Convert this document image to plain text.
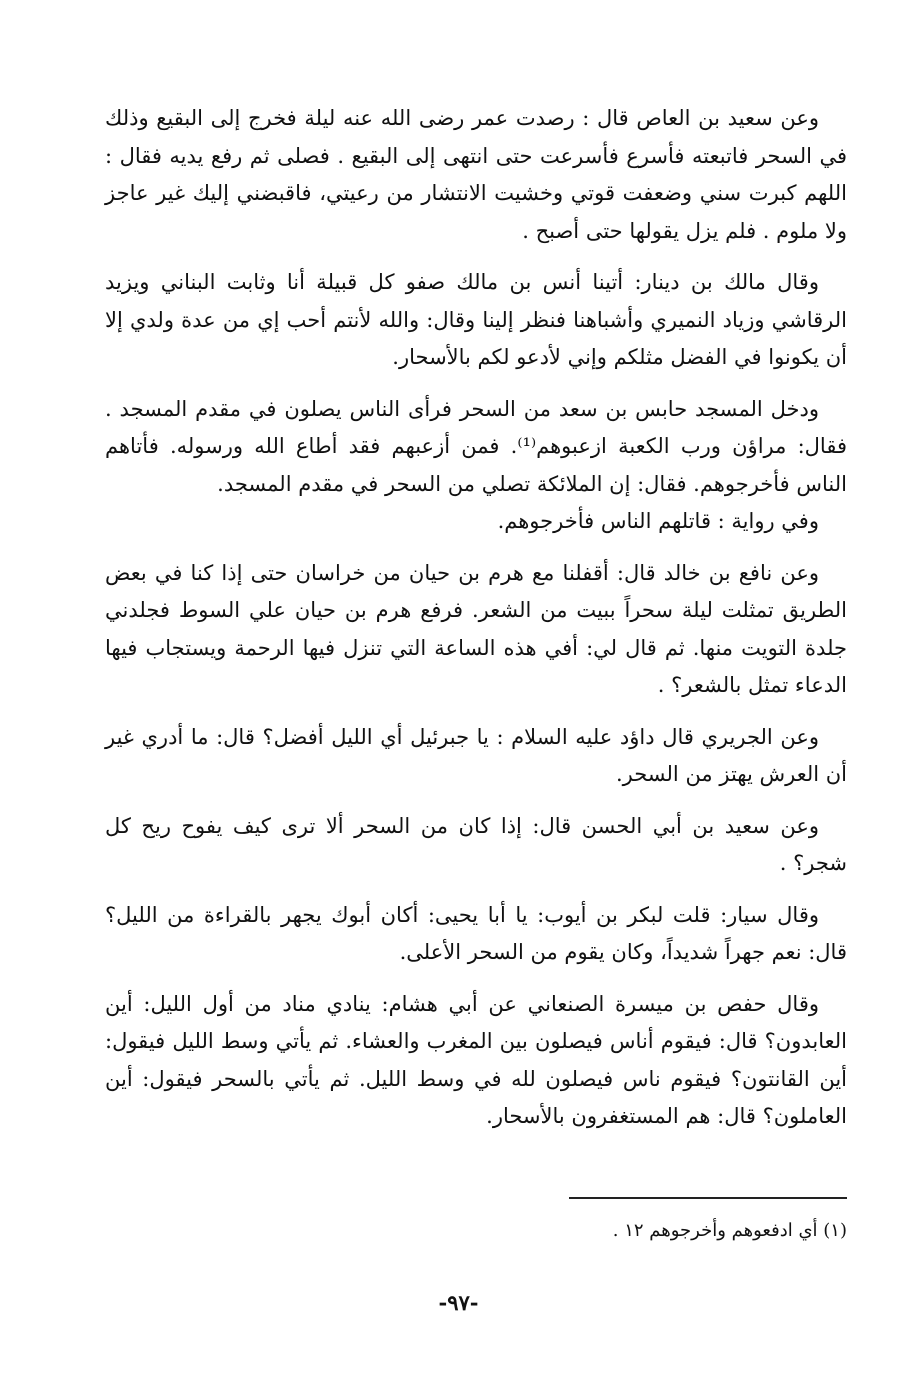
وعن سعيد بن العاص قال : رصدت عمر رضى الله عنه ليلة فخرج إلى البقيع وذلك في السحر فاتبعته فأسرع فأسرعت حتى انتهى إلى البقيع . فصلى ثم رفع يديه فقال : اللهم كبرت سني وضعفت قوتي وخشيت الانتشار من رعيتي، فاقبضني إليك غير عاجز ولا ملوم . فلم يزل يقولها حتى أصبح .

وقال مالك بن دينار: أتينا أنس بن مالك صفو كل قبيلة أنا وثابت البناني ويزيد الرقاشي وزياد النميري وأشباهنا فنظر إلينا وقال: والله لأنتم أحب إي من عدة ولدي إلا أن يكونوا في الفضل مثلكم وإني لأدعو لكم بالأسحار.

ودخل المسجد حابس بن سعد من السحر فرأى الناس يصلون في مقدم المسجد . فقال: مراؤن ورب الكعبة ازعبوهم⁽¹⁾. فمن أزعبهم فقد أطاع الله ورسوله. فأتاهم الناس فأخرجوهم. فقال: إن الملائكة تصلي من السحر في مقدم المسجد.

وفي رواية : قاتلهم الناس فأخرجوهم.

وعن نافع بن خالد قال: أقفلنا مع هرم بن حيان من خراسان حتى إذا كنا في بعض الطريق تمثلت ليلة سحراً ببيت من الشعر. فرفع هرم بن حيان علي السوط فجلدني جلدة التويت منها. ثم قال لي: أفي هذه الساعة التي تنزل فيها الرحمة ويستجاب فيها الدعاء تمثل بالشعر؟ .

وعن الجريري قال داؤد عليه السلام : يا جبرئيل أي الليل أفضل؟ قال: ما أدري غير أن العرش يهتز من السحر.

وعن سعيد بن أبي الحسن قال: إذا كان من السحر ألا ترى كيف يفوح ريح كل شجر؟ .

وقال سيار: قلت لبكر بن أيوب: يا أبا يحيى: أكان أبوك يجهر بالقراءة من الليل؟ قال: نعم جهراً شديداً، وكان يقوم من السحر الأعلى.

وقال حفص بن ميسرة الصنعاني عن أبي هشام: ينادي مناد من أول الليل: أين العابدون؟ قال: فيقوم أناس فيصلون بين المغرب والعشاء. ثم يأتي وسط الليل فيقول: أين القانتون؟ فيقوم ناس فيصلون لله في وسط الليل. ثم يأتي بالسحر فيقول: أين العاملون؟ قال: هم المستغفرون بالأسحار.

(١) أي ادفعوهم وأخرجوهم ١٢ .
-٩٧-
